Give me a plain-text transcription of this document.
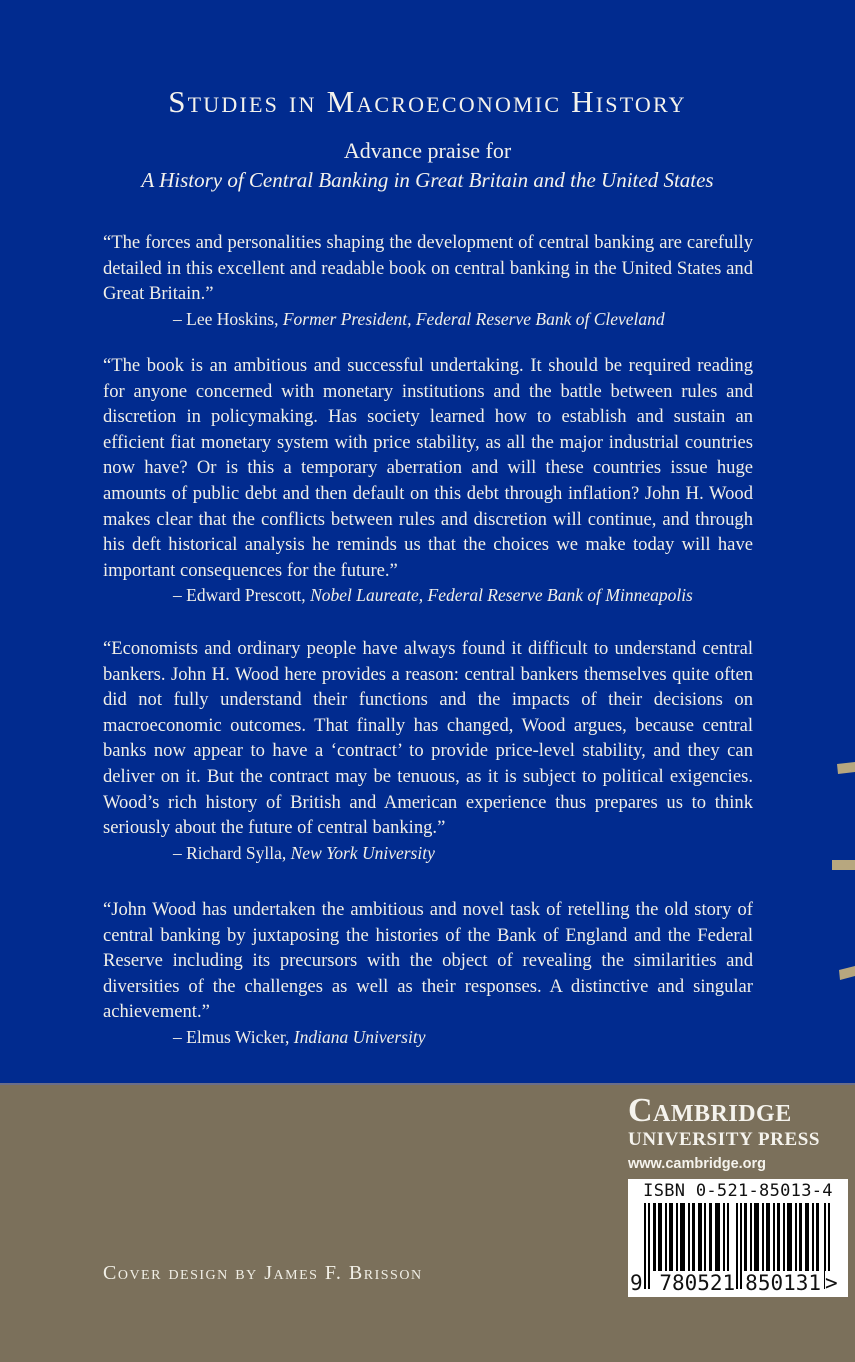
Studies in Macroeconomic History
Advance praise for
A History of Central Banking in Great Britain and the United States
“The forces and personalities shaping the development of central banking are carefully detailed in this excellent and readable book on central banking in the United States and Great Britain.”
– Lee Hoskins, Former President, Federal Reserve Bank of Cleveland
“The book is an ambitious and successful undertaking. It should be required reading for anyone concerned with monetary institutions and the battle between rules and discretion in policymaking. Has society learned how to establish and sustain an efficient fiat monetary system with price stability, as all the major industrial countries now have? Or is this a temporary aberration and will these countries issue huge amounts of public debt and then default on this debt through inflation? John H. Wood makes clear that the conflicts between rules and discretion will continue, and through his deft historical analysis he reminds us that the choices we make today will have important consequences for the future.”
– Edward Prescott, Nobel Laureate, Federal Reserve Bank of Minneapolis
“Economists and ordinary people have always found it difficult to understand central bankers. John H. Wood here provides a reason: central bankers themselves quite often did not fully understand their functions and the impacts of their decisions on macroeconomic outcomes. That finally has changed, Wood argues, because central banks now appear to have a ‘contract’ to provide price-level stability, and they can deliver on it. But the contract may be tenuous, as it is subject to political exigencies. Wood’s rich history of British and American experience thus prepares us to think seriously about the future of central banking.”
– Richard Sylla, New York University
“John Wood has undertaken the ambitious and novel task of retelling the old story of central banking by juxtaposing the histories of the Bank of England and the Federal Reserve including its precursors with the object of revealing the similarities and diversities of the challenges as well as their responses. A distinctive and singular achievement.”
– Elmus Wicker, Indiana University
Cambridge
UNIVERSITY PRESS
www.cambridge.org
ISBN 0-521-85013-4
9 780521 850131 >
Cover design by James F. Brisson
